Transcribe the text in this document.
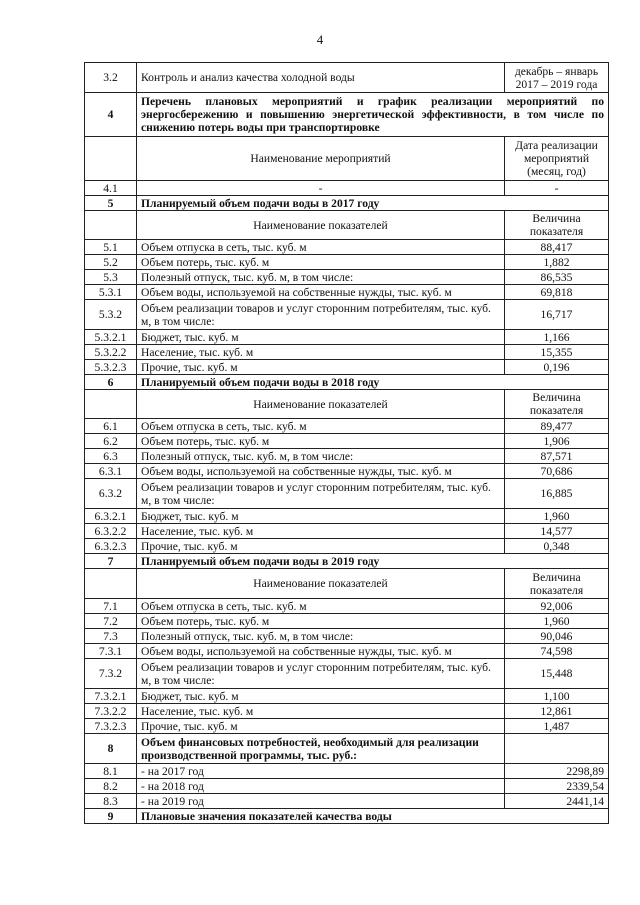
4
3.2	Контроль и анализ качества холодной воды	декабрь – январь 2017 – 2019 года
4	Перечень плановых мероприятий и график реализации мероприятий по энергосбережению и повышению энергетической эффективности, в том числе по снижению потерь воды при транспортировке	
	Наименование мероприятий	Дата реализации мероприятий (месяц, год)
4.1	-	-
5	Планируемый объем подачи воды в 2017 году	
	Наименование показателей	Величина показателя
5.1	Объем отпуска в сеть, тыс. куб. м	88,417
5.2	Объем потерь, тыс. куб. м	1,882
5.3	Полезный отпуск, тыс. куб. м, в том числе:	86,535
5.3.1	Объем воды, используемой на собственные нужды, тыс. куб. м	69,818
5.3.2	Объем реализации товаров и услуг сторонним потребителям, тыс. куб. м, в том числе:	16,717
5.3.2.1	Бюджет, тыс. куб. м	1,166
5.3.2.2	Население, тыс. куб. м	15,355
5.3.2.3	Прочие, тыс. куб. м	0,196
6	Планируемый объем подачи воды в 2018 году	
	Наименование показателей	Величина показателя
6.1	Объем отпуска в сеть, тыс. куб. м	89,477
6.2	Объем потерь, тыс. куб. м	1,906
6.3	Полезный отпуск, тыс. куб. м, в том числе:	87,571
6.3.1	Объем воды, используемой на собственные нужды, тыс. куб. м	70,686
6.3.2	Объем реализации товаров и услуг сторонним потребителям, тыс. куб. м, в том числе:	16,885
6.3.2.1	Бюджет, тыс. куб. м	1,960
6.3.2.2	Население, тыс. куб. м	14,577
6.3.2.3	Прочие, тыс. куб. м	0,348
7	Планируемый объем подачи воды в 2019 году	
	Наименование показателей	Величина показателя
7.1	Объем отпуска в сеть, тыс. куб. м	92,006
7.2	Объем потерь, тыс. куб. м	1,960
7.3	Полезный отпуск, тыс. куб. м, в том числе:	90,046
7.3.1	Объем воды, используемой на собственные нужды, тыс. куб. м	74,598
7.3.2	Объем реализации товаров и услуг сторонним потребителям, тыс. куб. м, в том числе:	15,448
7.3.2.1	Бюджет, тыс. куб. м	1,100
7.3.2.2	Население, тыс. куб. м	12,861
7.3.2.3	Прочие, тыс. куб. м	1,487
8	Объем финансовых потребностей, необходимый для реализации производственной программы, тыс. руб.:	
8.1	- на 2017 год	2298,89
8.2	- на 2018 год	2339,54
8.3	- на 2019 год	2441,14
9	Плановые значения показателей качества воды	
